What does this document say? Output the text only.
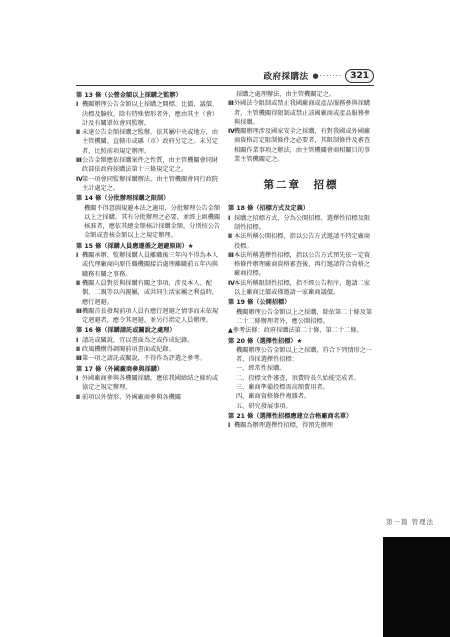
政府採購法 ●······· 321
第 13 條（公營金額以上採購之監辦）
Ⅰ 機關辦理公告金額以上採購之開標、比價、議價、決標及驗收，除有特殊情形者外，應由其主（會）計及有關單位會同監辦。
Ⅱ 未達公告金額採購之監辦，依其屬中央或地方，由主管機關、直轄市或縣（市）政府另定之。未另定者，比照前項規定辦理。
Ⅲ 公告金額應依採購案件之性質，由主管機關會同財政部依政府採購法第十三條規定定之。
Ⅳ 第一項會同監辦採購辦法，由主管機關會同行政院主計處定之。
第 14 條（分批辦理採購之限制）
機關不得意圖規避本法之適用，分批辦理公告金額以上之採購。其有分批辦理之必要，並經上級機關核准者，應依其總金額核計採購金額，分別按公告金額或查核金額以上之規定辦理。
第 15 條（採購人員應遵循之迴避原則）★
Ⅰ 機關承辦、監辦採購人員離職後三年內不得為本人或代理廠商向原任職機關接洽處理離職前五年內與職務有關之事務。
Ⅱ 機關人員對於與採購有關之事項，涉及本人、配偶、二親等以內親屬，或共同生活家屬之利益時，應行迴避。
Ⅲ 機關首長發現前項人員有應行迴避之情事而未依規定迴避者，應令其迴避，並另行指定人員辦理。
第 16 條（採購請託或關說之處理）
Ⅰ 請託或關說，宜以書面為之或作成紀錄。
Ⅱ 政風機構得調閱前項書面或紀錄。
Ⅲ 第一項之請託或關說，不得作為評選之參考。
第 17 條（外國廠商參與採購）
Ⅰ 外國廠商參與各機關採購，應依我國締結之條約或協定之規定辦理。
Ⅱ 前項以外情形，外國廠商參與各機關
採購之處理辦法，由主管機關定之。
Ⅲ 外國法令限制或禁止我國廠商或產品服務參與採購者，主管機關得限制或禁止該國廠商或產品服務參與採購。
Ⅳ 機關辦理涉及國家安全之採購，有對我國或外國廠商資格訂定限制條件之必要者，其限制條件及審查相關作業事項之辦法，由主管機關會商相關目的事業主管機關定之。
第二章　招標
第 18 條（招標方式及定義）
Ⅰ 採購之招標方式，分為公開招標、選擇性招標及限制性招標。
Ⅱ 本法所稱公開招標，指以公告方式邀請不特定廠商投標。
Ⅲ 本法所稱選擇性招標，指以公告方式預先依一定資格條件辦理廠商資格審查後，再行邀請符合資格之廠商投標。
Ⅳ 本法所稱限制性招標，指不經公告程序，邀請二家以上廠商比價或僅邀請一家廠商議價。
第 19 條（公開招標）
機關辦理公告金額以上之採購，除依第二十條及第二十二條辦理者外，應公開招標。
▲參考法條：政府採購法第二十條、第二十二條。
第 20 條（選擇性招標）★
機關辦理公告金額以上之採購，符合下列情形之一者，得採選擇性招標：
一、經常性採購。
二、投標文件審查，須費時長久始能完成者。
三、廠商準備投標需高額費用者。
四、廠商資格條件複雜者。
五、研究發展事項。
第 21 條（選擇性招標應建立合格廠商名單）
Ⅰ 機關為辦理選擇性招標，得預先辦理
第一篇 管理法
